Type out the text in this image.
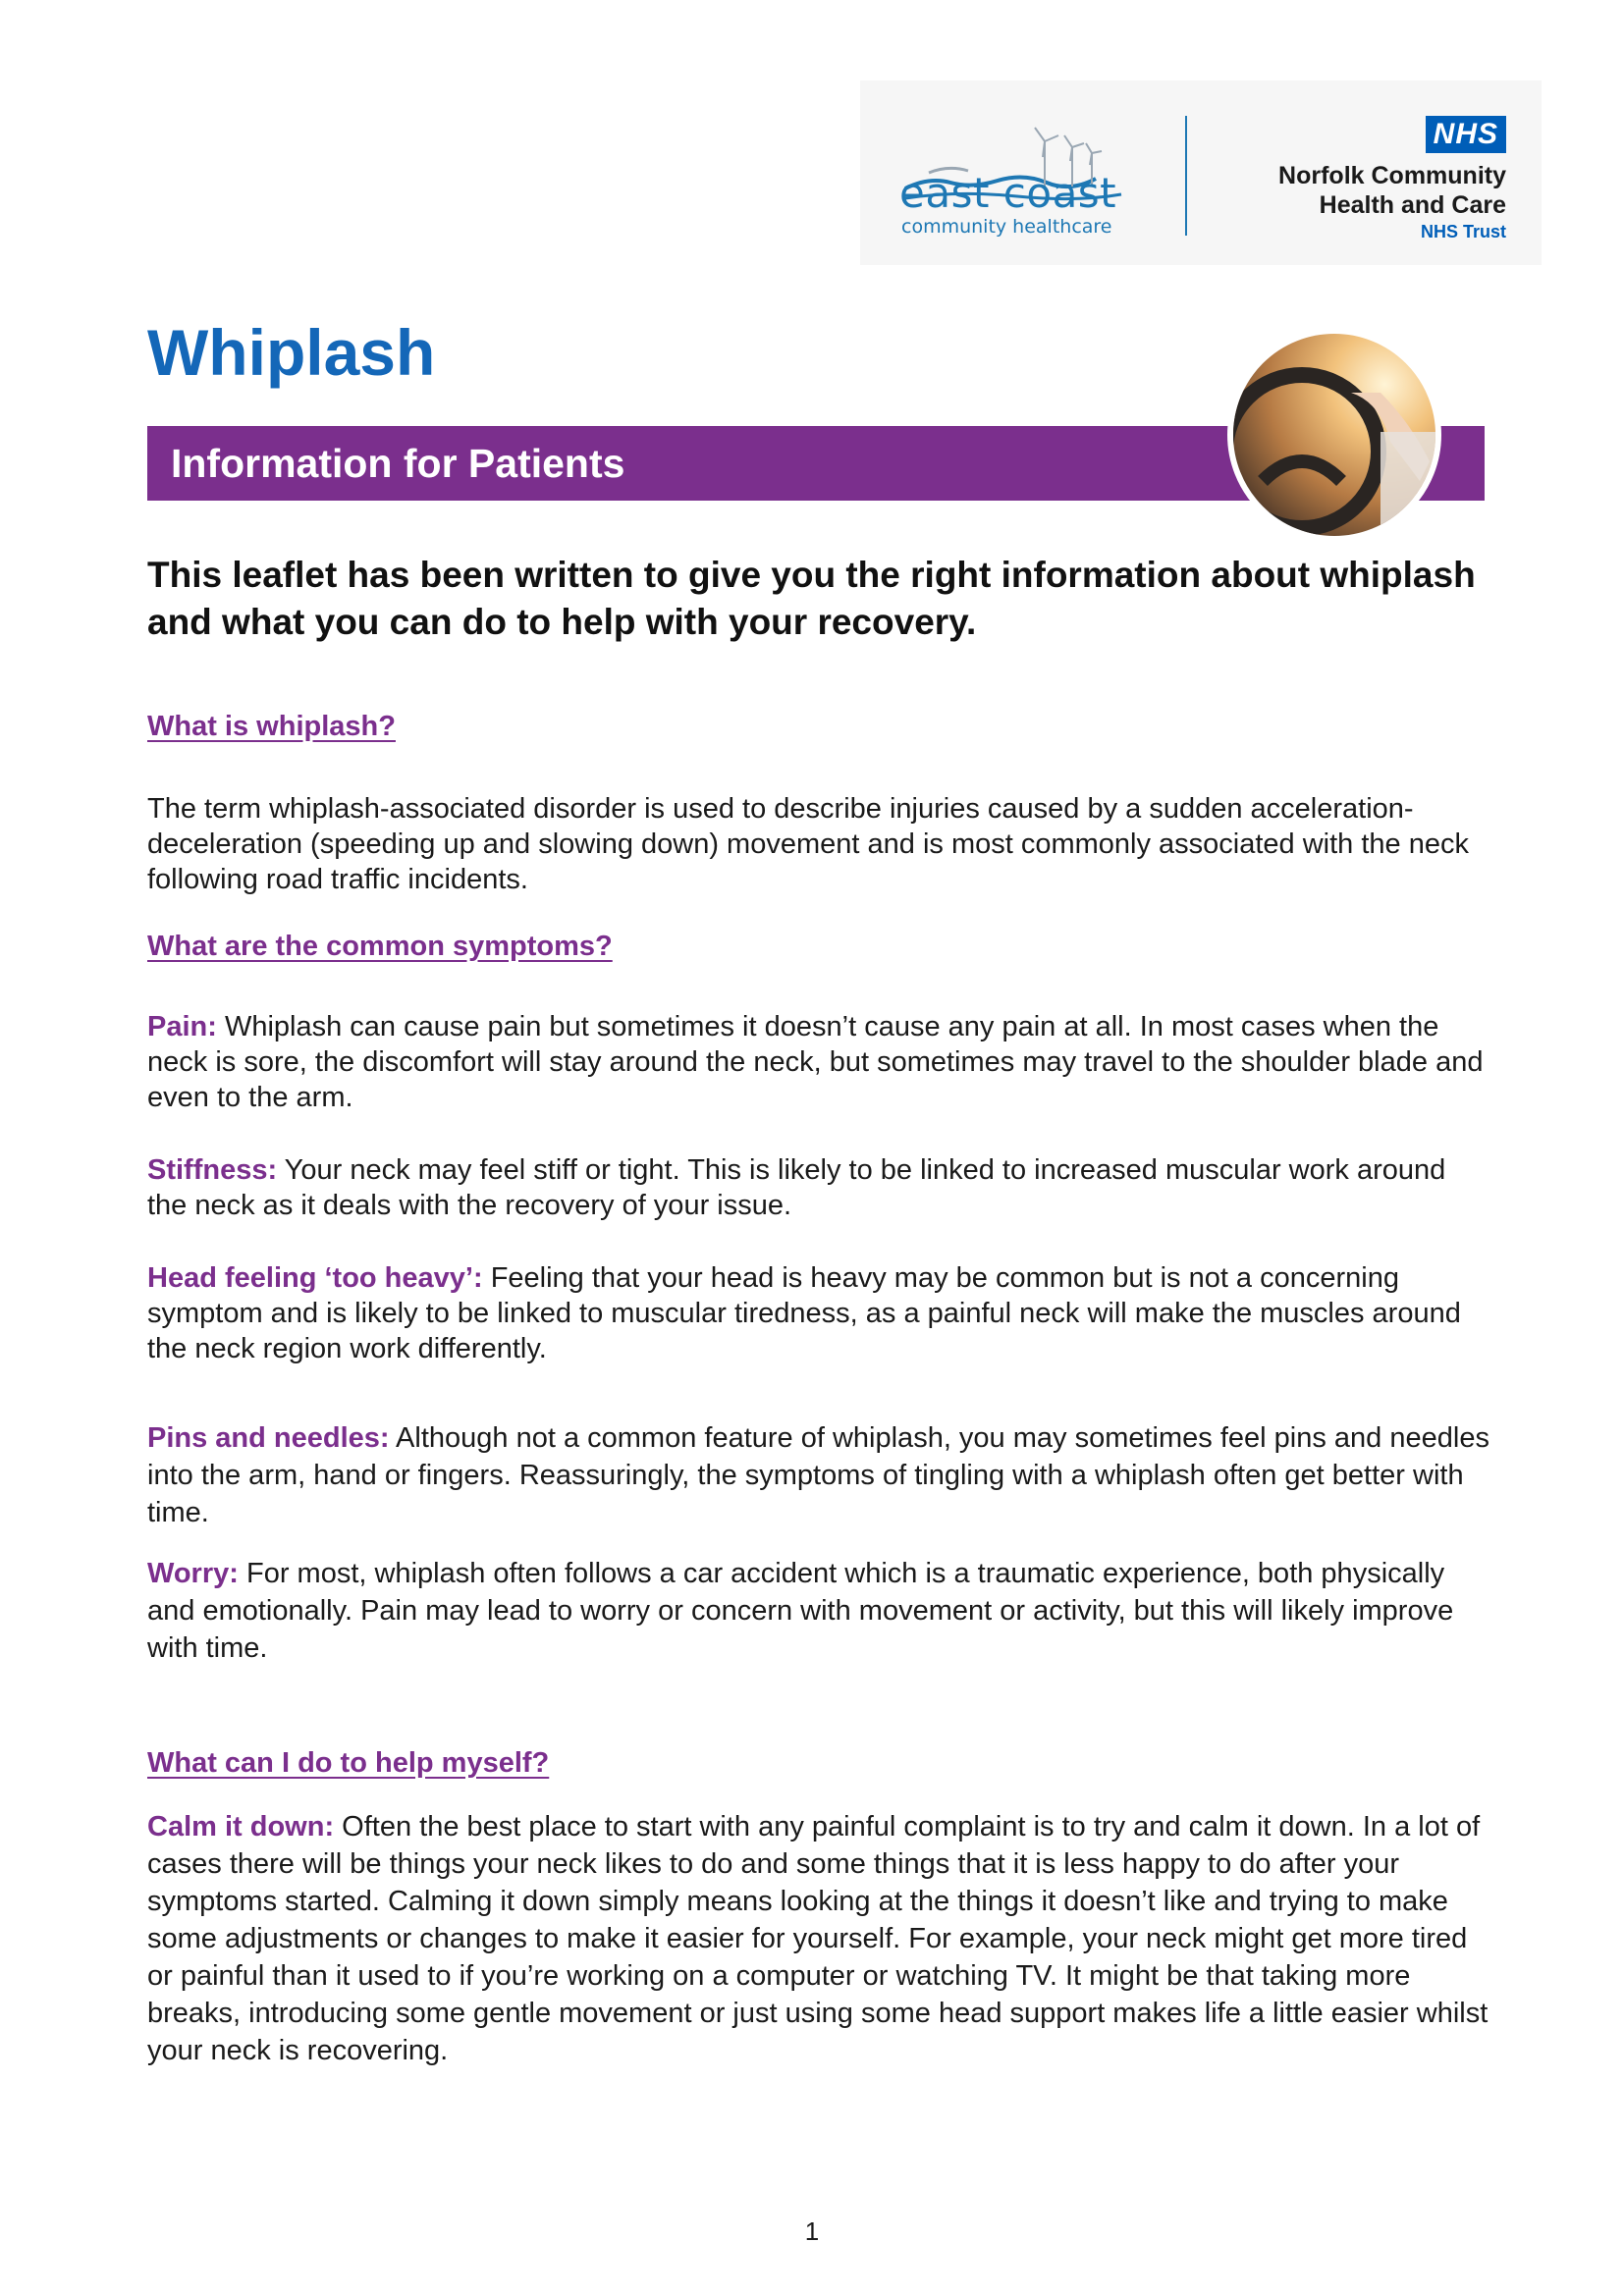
east coast
community healthcare
NHS
Norfolk Community
Health and Care
NHS Trust
Whiplash
Information for Patients

This leaflet has been written to give you the right information about whiplash and what you can do to help with your recovery.

What is whiplash?

The term whiplash-associated disorder is used to describe injuries caused by a sudden acceleration-deceleration (speeding up and slowing down) movement and is most commonly associated with the neck following road traffic incidents.

What are the common symptoms?

Pain: Whiplash can cause pain but sometimes it doesn’t cause any pain at all. In most cases when the neck is sore, the discomfort will stay around the neck, but sometimes may travel to the shoulder blade and even to the arm.

Stiffness: Your neck may feel stiff or tight. This is likely to be linked to increased muscular work around the neck as it deals with the recovery of your issue.

Head feeling ‘too heavy’: Feeling that your head is heavy may be common but is not a concerning symptom and is likely to be linked to muscular tiredness, as a painful neck will make the muscles around the neck region work differently.

Pins and needles: Although not a common feature of whiplash, you may sometimes feel pins and needles into the arm, hand or fingers. Reassuringly, the symptoms of tingling with a whiplash often get better with time.

Worry: For most, whiplash often follows a car accident which is a traumatic experience, both physically and emotionally. Pain may lead to worry or concern with movement or activity, but this will likely improve with time.

What can I do to help myself?

Calm it down: Often the best place to start with any painful complaint is to try and calm it down. In a lot of cases there will be things your neck likes to do and some things that it is less happy to do after your symptoms started. Calming it down simply means looking at the things it doesn’t like and trying to make some adjustments or changes to make it easier for yourself. For example, your neck might get more tired or painful than it used to if you’re working on a computer or watching TV. It might be that taking more breaks, introducing some gentle movement or just using some head support makes life a little easier whilst your neck is recovering.

1
